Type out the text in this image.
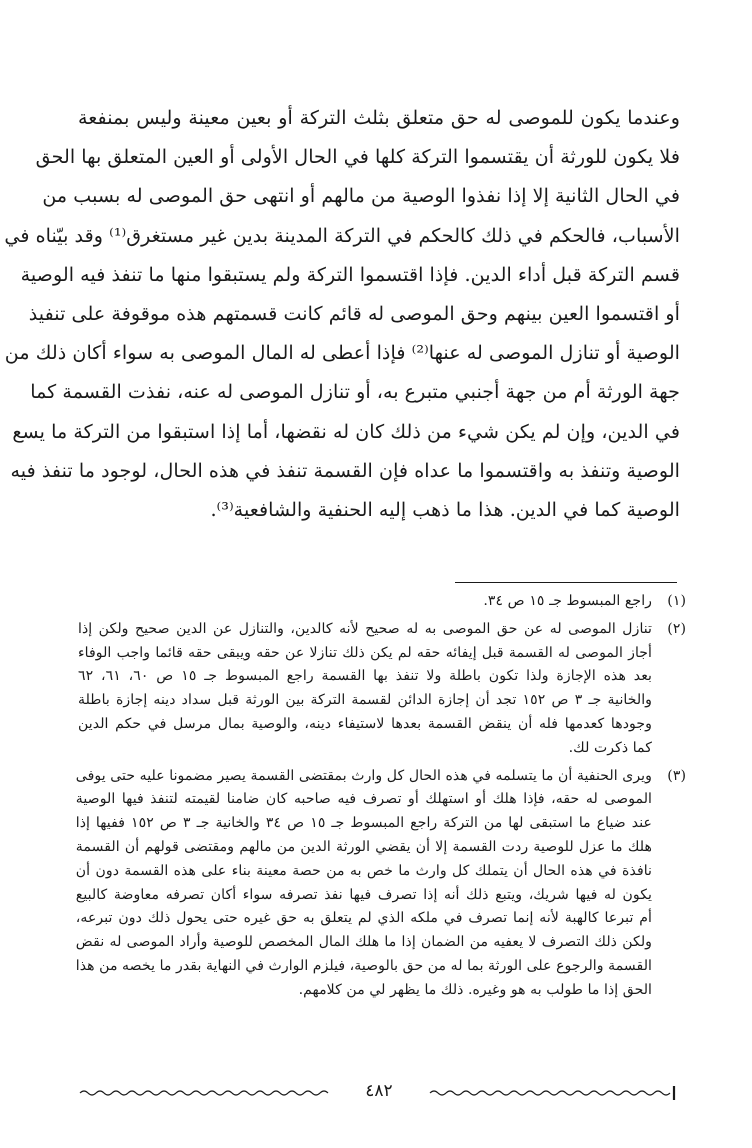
وعندما يكون للموصى له حق متعلق بثلث التركة أو بعين معينة وليس بمنفعة
فلا يكون للورثة أن يقتسموا التركة كلها في الحال الأولى أو العين المتعلق بها الحق
في الحال الثانية إلا إذا نفذوا الوصية من مالهم أو انتهى حق الموصى له بسبب من
الأسباب، فالحكم في ذلك كالحكم في التركة المدينة بدين غير مستغرق⁽¹⁾ وقد بيّناه في
قسم التركة قبل أداء الدين. فإذا اقتسموا التركة ولم يستبقوا منها ما تنفذ فيه الوصية
أو اقتسموا العين بينهم وحق الموصى له قائم كانت قسمتهم هذه موقوفة على تنفيذ
الوصية أو تنازل الموصى له عنها⁽²⁾ فإذا أعطى له المال الموصى به سواء أكان ذلك من
جهة الورثة أم من جهة أجنبي متبرع به، أو تنازل الموصى له عنه، نفذت القسمة كما
في الدين، وإن لم يكن شيء من ذلك كان له نقضها، أما إذا استبقوا من التركة ما يسع
الوصية وتنفذ به واقتسموا ما عداه فإن القسمة تنفذ في هذه الحال، لوجود ما تنفذ فيه
الوصية كما في الدين. هذا ما ذهب إليه الحنفية والشافعية⁽³⁾.

(١)
راجع المبسوط جـ ١٥ ص ٣٤.
(٢)
تنازل الموصى له عن حق الموصى به له صحيح لأنه كالدين، والتنازل عن الدين صحيح ولكن إذا
أجاز الموصى له القسمة قبل إيفائه حقه لم يكن ذلك تنازلا عن حقه ويبقى حقه قائما واجب الوفاء
بعد هذه الإجازة ولذا تكون باطلة ولا تنفذ بها القسمة راجع المبسوط جـ ١٥ ص ٦٠، ٦١، ٦٢
والخانية جـ ٣ ص ١٥٢ تجد أن إجازة الدائن لقسمة التركة بين الورثة قبل سداد دينه إجازة باطلة
وجودها كعدمها فله أن ينقض القسمة بعدها لاستيفاء دينه، والوصية بمال مرسل في حكم الدين
كما ذكرت لك.
(٣)
ويرى الحنفية أن ما يتسلمه في هذه الحال كل وارث بمقتضى القسمة يصير مضمونا عليه حتى يوفى
الموصى له حقه، فإذا هلك أو استهلك أو تصرف فيه صاحبه كان ضامنا لقيمته لتنفذ فيها الوصية
عند ضياع ما استبقى لها من التركة راجع المبسوط جـ ١٥ ص ٣٤ والخانية جـ ٣ ص ١٥٢ ففيها إذا
هلك ما عزل للوصية ردت القسمة إلا أن يقضي الورثة الدين من مالهم ومقتضى قولهم أن القسمة
نافذة في هذه الحال أن يتملك كل وارث ما خص به من حصة معينة بناء على هذه القسمة دون أن
يكون له فيها شريك، ويتبع ذلك أنه إذا تصرف فيها نفذ تصرفه سواء أكان تصرفه معاوضة كالبيع
أم تبرعا كالهبة لأنه إنما تصرف في ملكه الذي لم يتعلق به حق غيره حتى يحول ذلك دون تبرعه،
ولكن ذلك التصرف لا يعفيه من الضمان إذا ما هلك المال المخصص للوصية وأراد الموصى له نقض
القسمة والرجوع على الورثة بما له من حق بالوصية، فيلزم الوارث في النهاية بقدر ما يخصه من هذا
الحق إذا ما طولب به هو وغيره. ذلك ما يظهر لي من كلامهم.
٤٨٢
